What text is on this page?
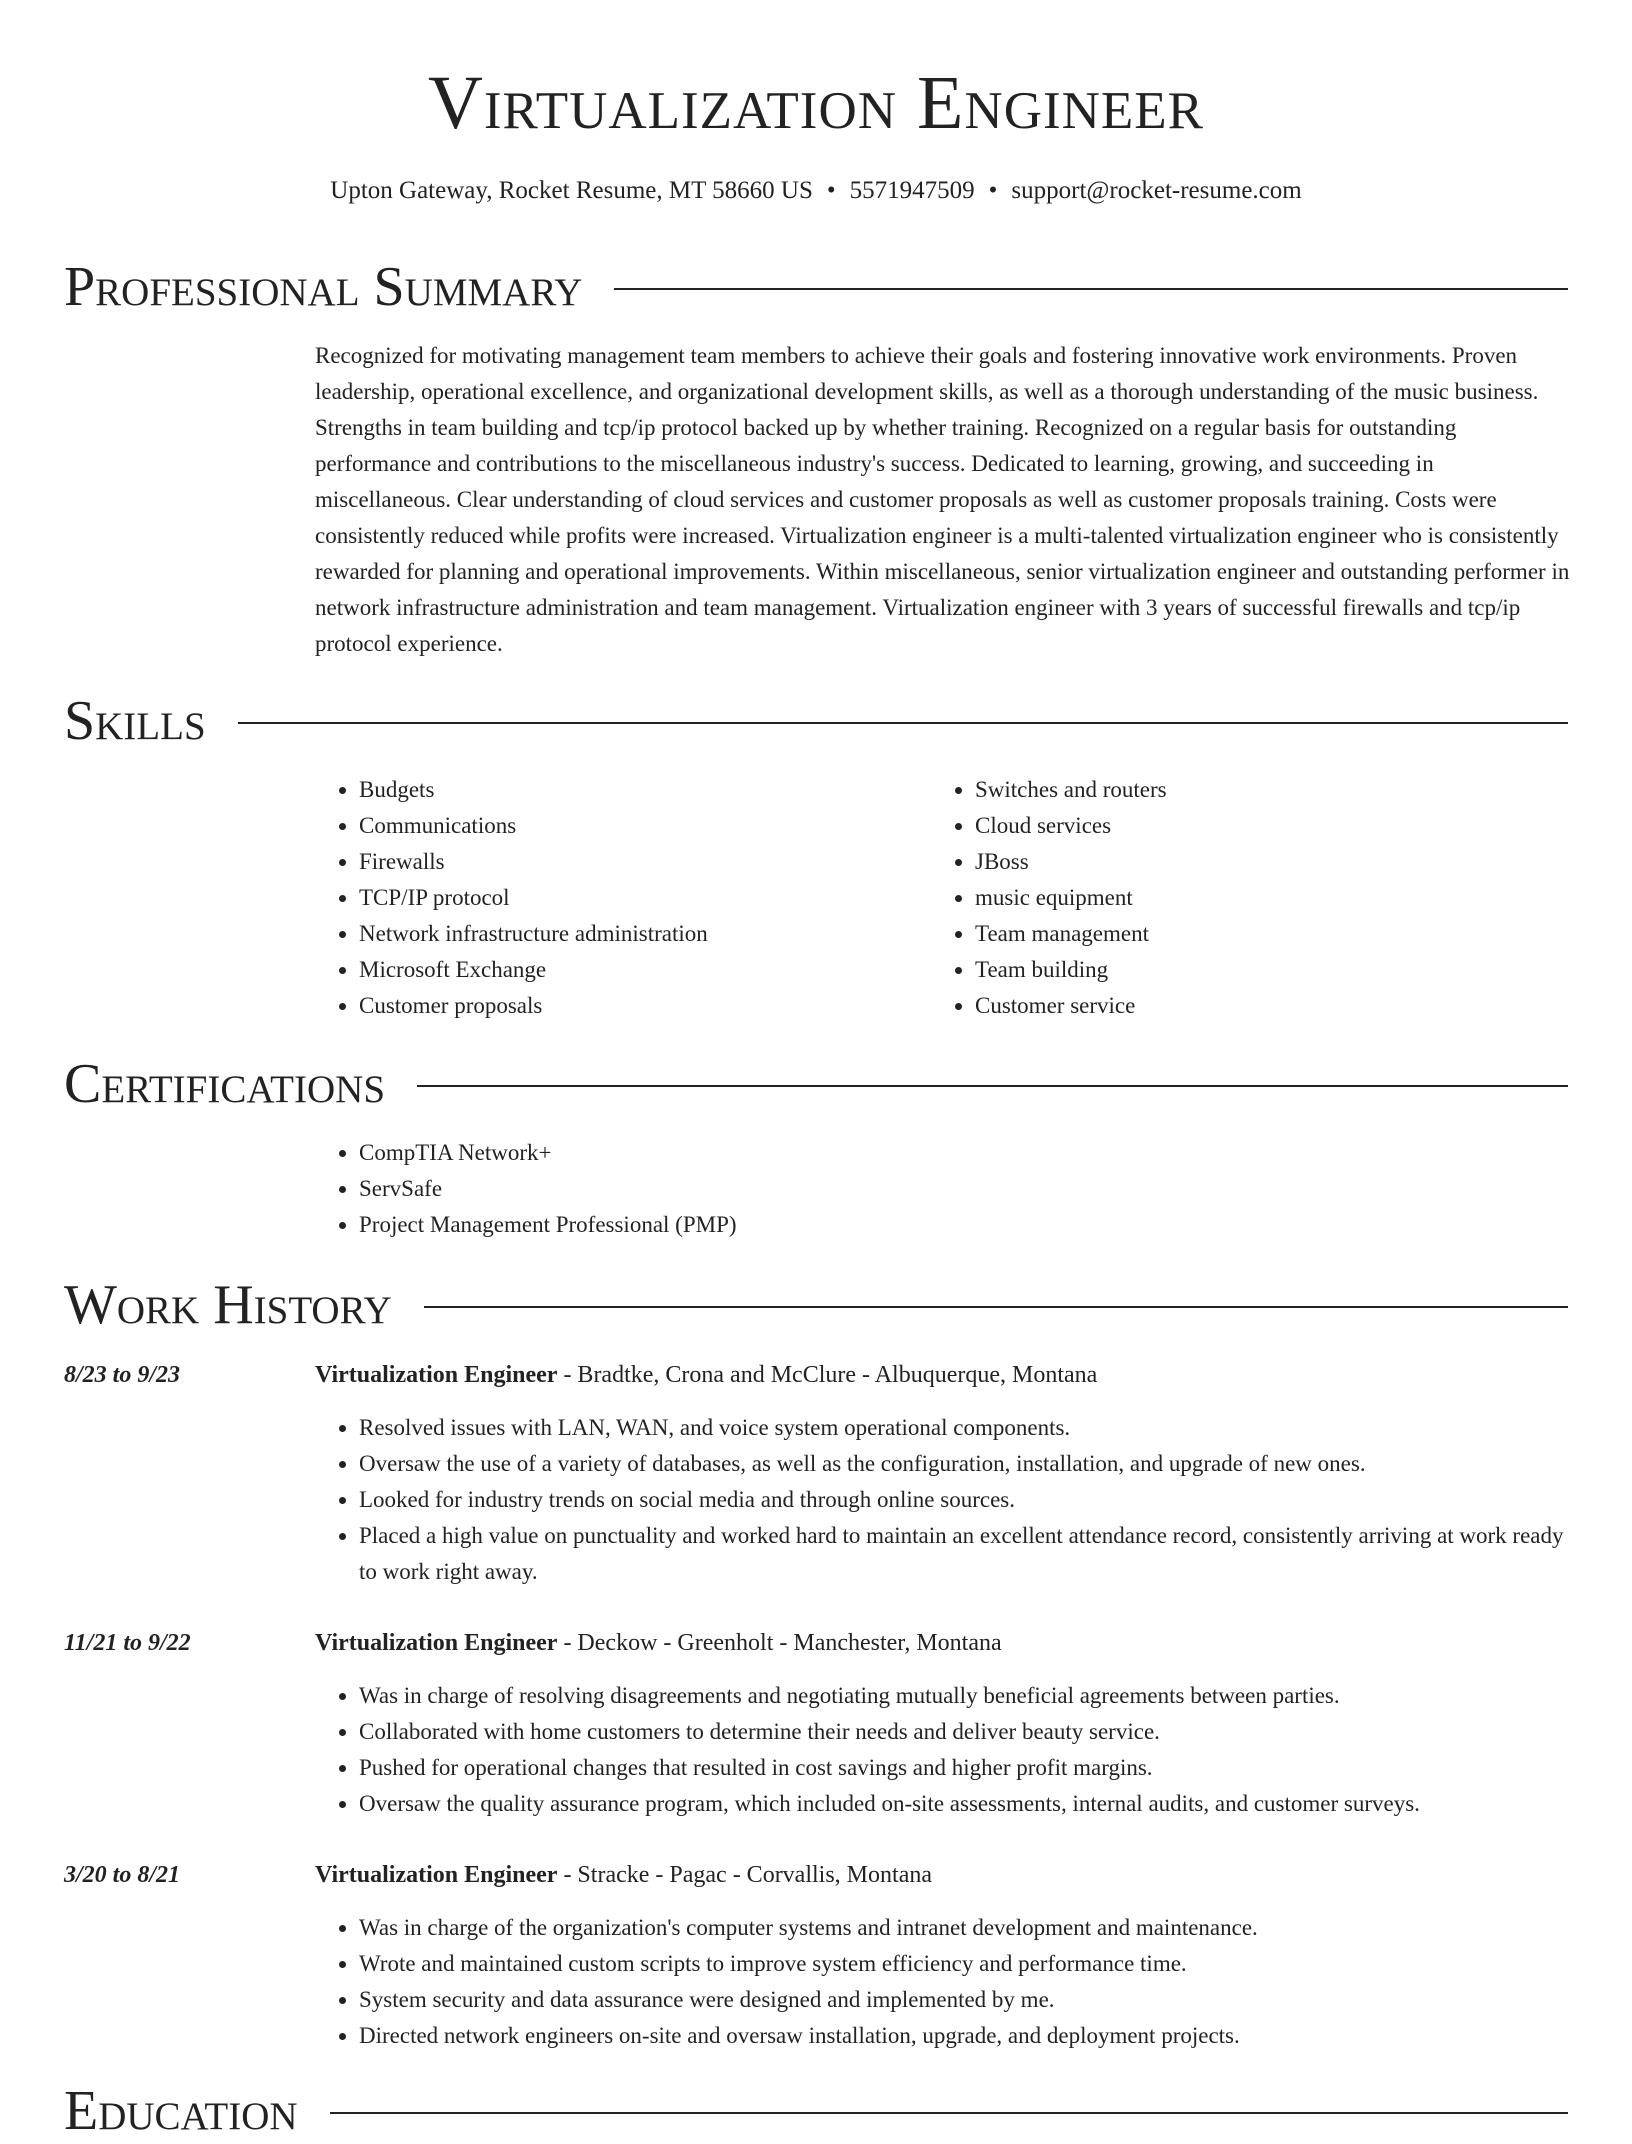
Virtualization Engineer
Upton Gateway, Rocket Resume, MT 58660 US • 5571947509 • support@rocket-resume.com
Professional Summary

Recognized for motivating management team members to achieve their goals and fostering innovative work environments. Proven leadership, operational excellence, and organizational development skills, as well as a thorough understanding of the music business. Strengths in team building and tcp/ip protocol backed up by whether training. Recognized on a regular basis for outstanding performance and contributions to the miscellaneous industry's success. Dedicated to learning, growing, and succeeding in miscellaneous. Clear understanding of cloud services and customer proposals as well as customer proposals training. Costs were consistently reduced while profits were increased. Virtualization engineer is a multi-talented virtualization engineer who is consistently rewarded for planning and operational improvements. Within miscellaneous, senior virtualization engineer and outstanding performer in network infrastructure administration and team management. Virtualization engineer with 3 years of successful firewalls and tcp/ip protocol experience.

Skills
• Budgets
• Communications
• Firewalls
• TCP/IP protocol
• Network infrastructure administration
• Microsoft Exchange
• Customer proposals
• Switches and routers
• Cloud services
• JBoss
• music equipment
• Team management
• Team building
• Customer service
Certifications
• CompTIA Network+
• ServSafe
• Project Management Professional (PMP)
Work History
8/23 to 9/23	Virtualization Engineer - Bradtke, Crona and McClure - Albuquerque, Montana
• Resolved issues with LAN, WAN, and voice system operational components.
• Oversaw the use of a variety of databases, as well as the configuration, installation, and upgrade of new ones.
• Looked for industry trends on social media and through online sources.
• Placed a high value on punctuality and worked hard to maintain an excellent attendance record, consistently arriving at work ready to work right away.
11/21 to 9/22	Virtualization Engineer - Deckow - Greenholt - Manchester, Montana
• Was in charge of resolving disagreements and negotiating mutually beneficial agreements between parties.
• Collaborated with home customers to determine their needs and deliver beauty service.
• Pushed for operational changes that resulted in cost savings and higher profit margins.
• Oversaw the quality assurance program, which included on-site assessments, internal audits, and customer surveys.
3/20 to 8/21	Virtualization Engineer - Stracke - Pagac - Corvallis, Montana
• Was in charge of the organization's computer systems and intranet development and maintenance.
• Wrote and maintained custom scripts to improve system efficiency and performance time.
• System security and data assurance were designed and implemented by me.
• Directed network engineers on-site and oversaw installation, upgrade, and deployment projects.
Education
